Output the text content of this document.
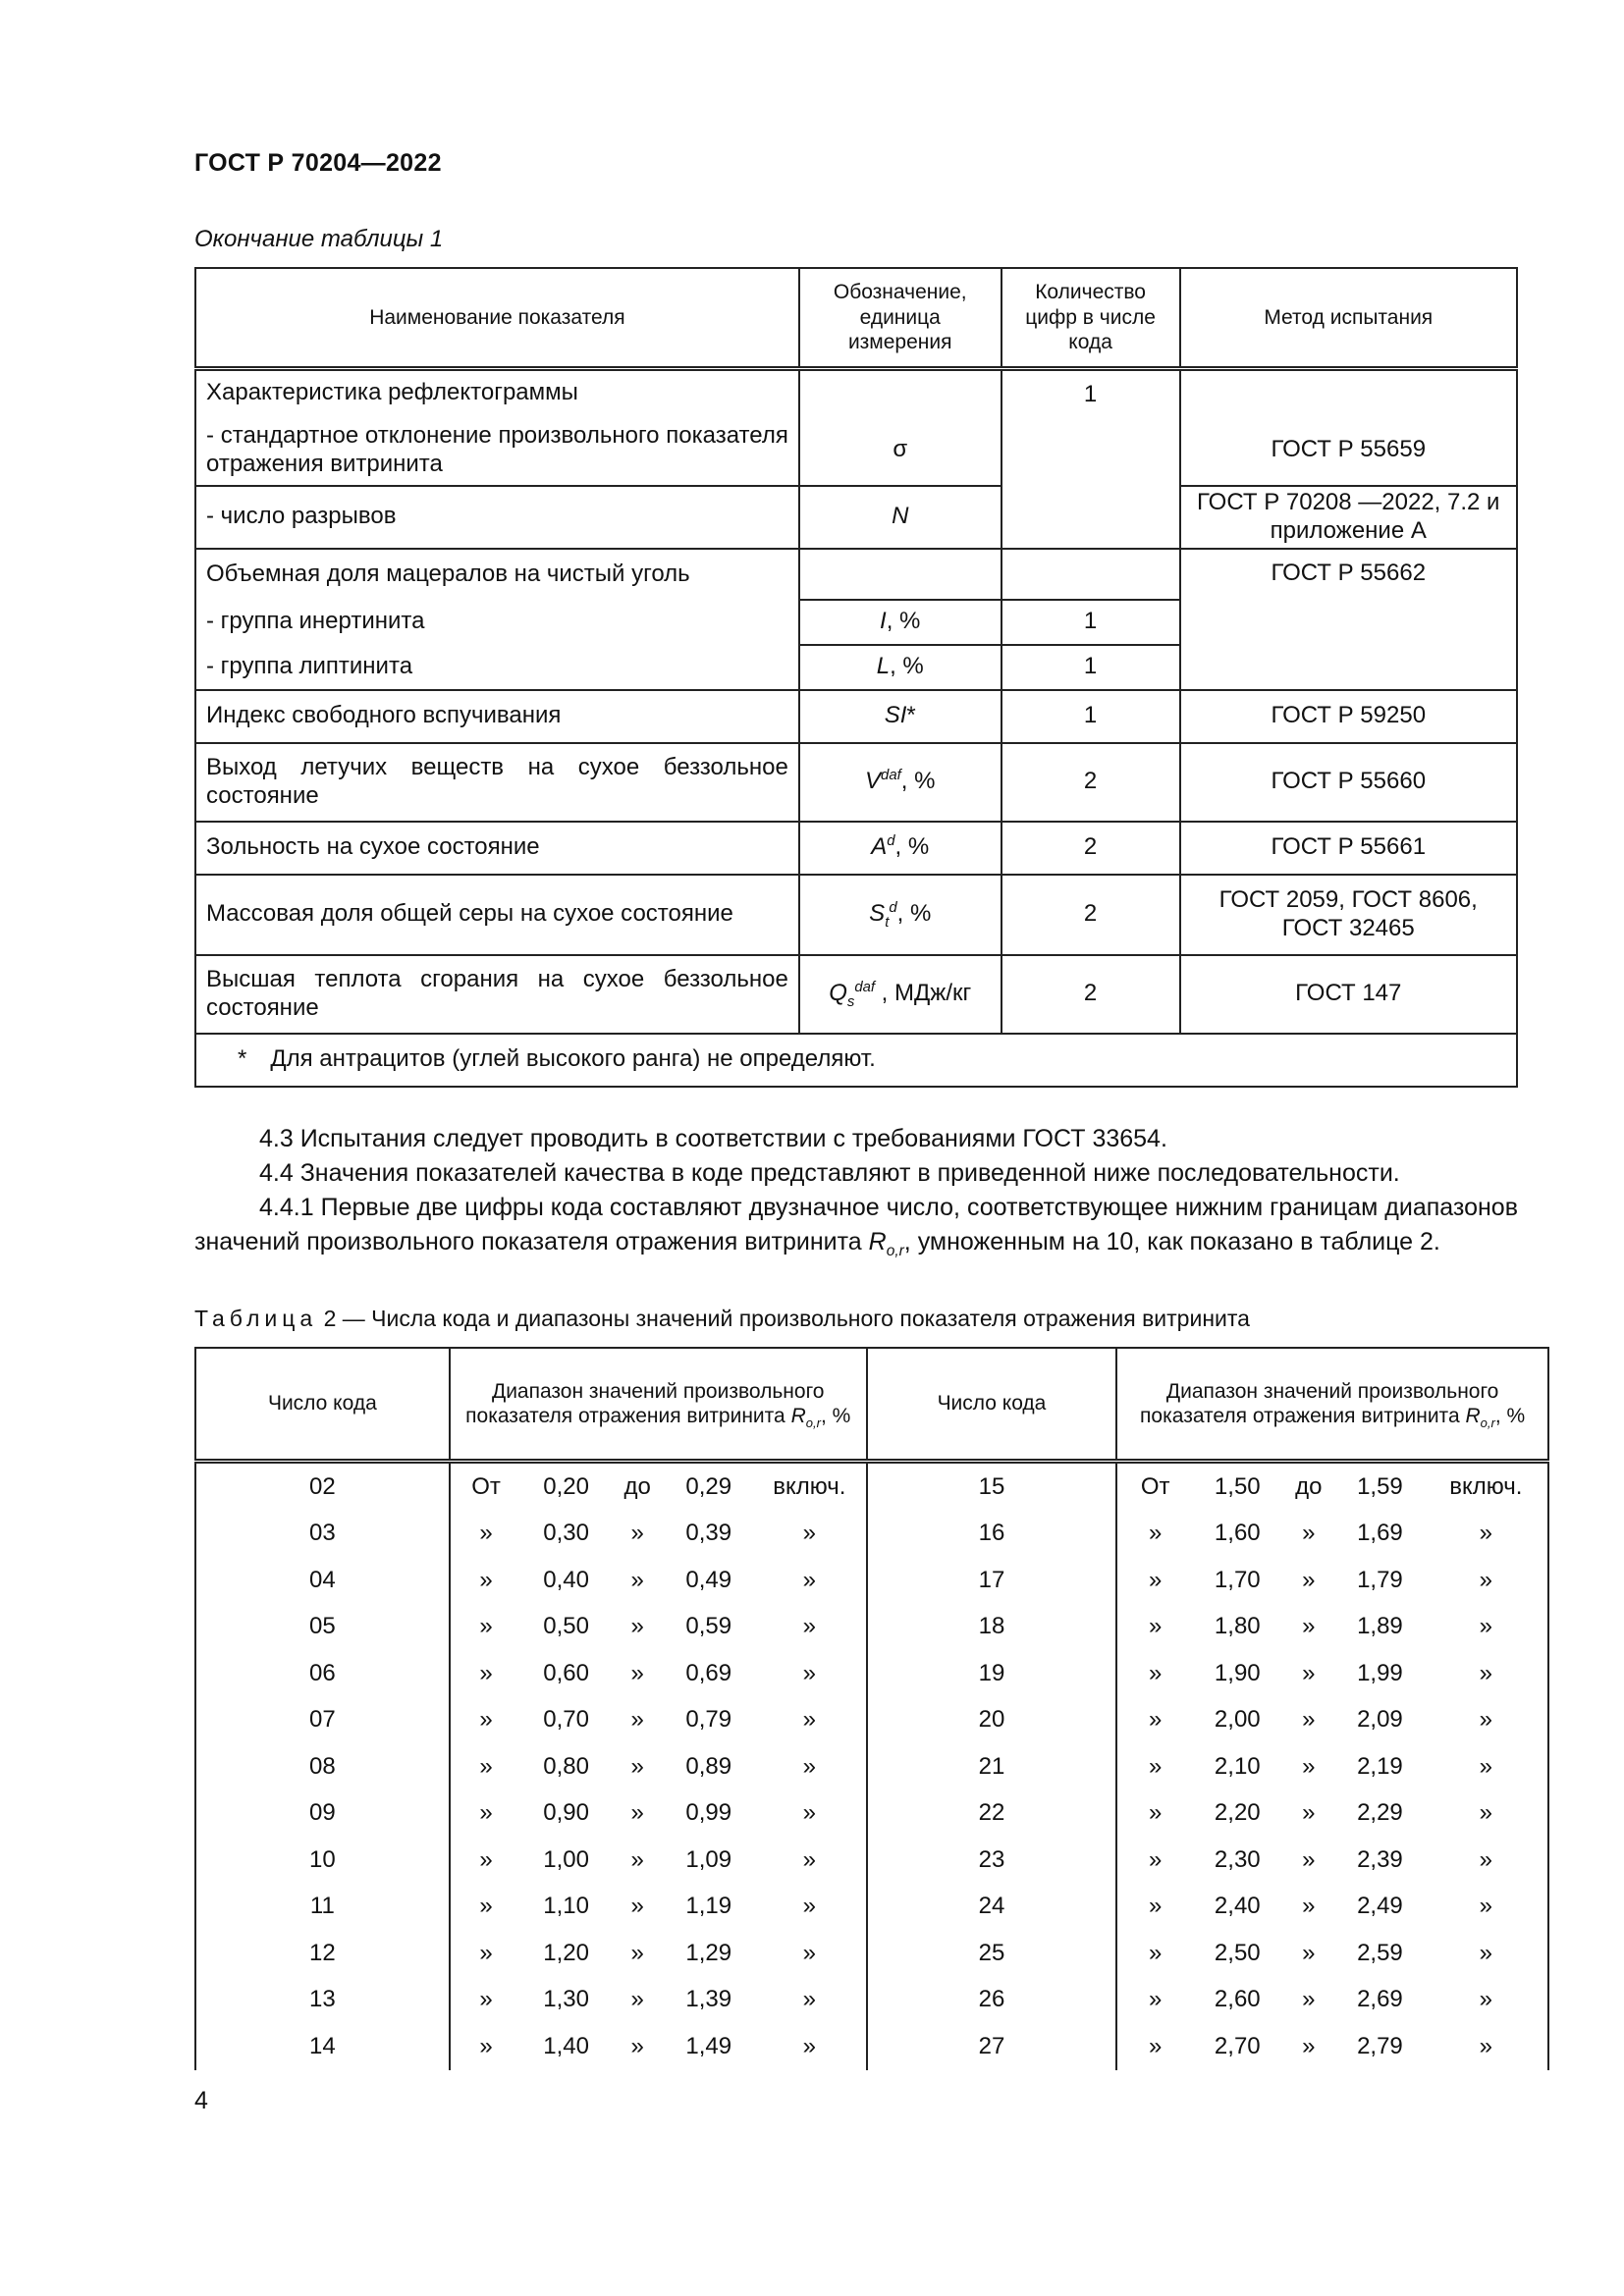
ГОСТ Р 70204—2022
Окончание таблицы 1
Наименование показателя	Обозначение, единица измерения	Количество цифр в числе кода	Метод испытания
Характеристика рефлектограммы		1	
- стандартное отклонение произвольного показателя отражения витринита	σ		ГОСТ Р 55659
- число разрывов	N		ГОСТ Р 70208 —2022, 7.2 и приложение А
Объемная доля мацералов на чистый уголь			ГОСТ Р 55662
- группа инертинита	I, %	1	
- группа липтинита	L, %	1	
Индекс свободного вспучивания	SI*	1	ГОСТ Р 59250
Выход летучих веществ на сухое беззольное состояние	$V^{daf}$, %	2	ГОСТ Р 55660
Зольность на сухое состояние	$A^d$, %	2	ГОСТ Р 55661
Массовая доля общей серы на сухое состояние	$S_t^d$, %	2	ГОСТ 2059, ГОСТ 8606, ГОСТ 32465
Высшая теплота сгорания на сухое беззольное состояние	$Q_s^{daf}$ , МДж/кг	2	ГОСТ 147
* Для антрацитов (углей высокого ранга) не определяют.			
4.3 Испытания следует проводить в соответствии с требованиями ГОСТ 33654.
4.4 Значения показателей качества в коде представляют в приведенной ниже последовательности.
4.4.1 Первые две цифры кода составляют двузначное число, соответствующее нижним границам диапазонов значений произвольного показателя отражения витринита $R_{o,r}$, умноженным на 10, как показано в таблице 2.
Таблица 2 — Числа кода и диапазоны значений произвольного показателя отражения витринита
Число кода	Диапазон значений произвольного показателя отражения витринита $R_{o,r}$, %					Число кода	Диапазон значений произвольного показателя отражения витринита $R_{o,r}$, %				
02	От	0,20	до	0,29	включ.	15	От	1,50	до	1,59	включ.
03	»	0,30	»	0,39	»	16	»	1,60	»	1,69	»
04	»	0,40	»	0,49	»	17	»	1,70	»	1,79	»
05	»	0,50	»	0,59	»	18	»	1,80	»	1,89	»
06	»	0,60	»	0,69	»	19	»	1,90	»	1,99	»
07	»	0,70	»	0,79	»	20	»	2,00	»	2,09	»
08	»	0,80	»	0,89	»	21	»	2,10	»	2,19	»
09	»	0,90	»	0,99	»	22	»	2,20	»	2,29	»
10	»	1,00	»	1,09	»	23	»	2,30	»	2,39	»
11	»	1,10	»	1,19	»	24	»	2,40	»	2,49	»
12	»	1,20	»	1,29	»	25	»	2,50	»	2,59	»
13	»	1,30	»	1,39	»	26	»	2,60	»	2,69	»
14	»	1,40	»	1,49	»	27	»	2,70	»	2,79	»
4
